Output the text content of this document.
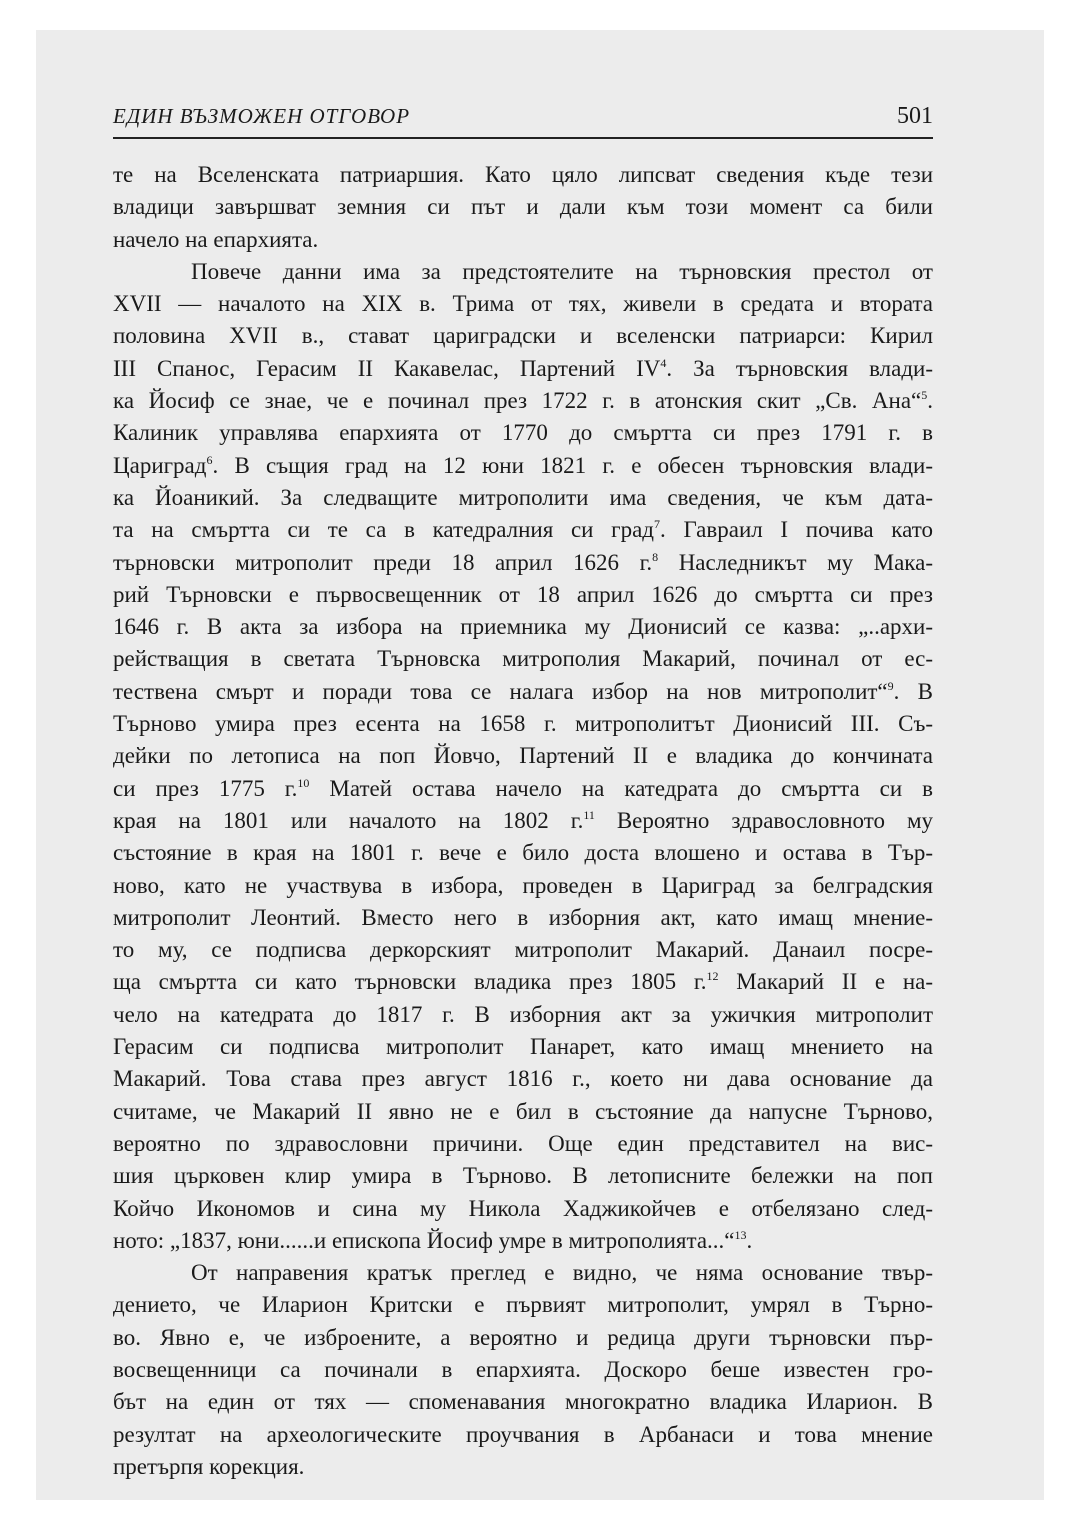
ЕДИН ВЪЗМОЖЕН ОТГОВОР	501

те на Вселенската патриаршия. Като цяло липсват сведения къде тези
владици завършват земния си път и дали към този момент са били
начело на епархията.

Повече данни има за предстоятелите на търновския престол от
XVII — началото на XIX в. Трима от тях, живели в средата и втората
половина XVII в., стават цариградски и вселенски патриарси: Кирил
III Спанос, Герасим II Какавелас, Партений $IV^4$. За търновския влади-
ка Йосиф се знае, че е починал през 1722 г. в атонския скит „Св. Ана“$^5$.
Калиник управлява епархията от 1770 до смъртта си през 1791 г. в
Цариград$^6$. В същия град на 12 юни 1821 г. е обесен търновския влади-
ка Йоаникий. За следващите митрополити има сведения, че към дата-
та на смъртта си те са в катедралния си град$^7$. Гавраил I почива като
търновски митрополит преди 18 април 1626 г.$^8$ Наследникът му Мака-
рий Търновски е първосвещенник от 18 април 1626 до смъртта си през
1646 г. В акта за избора на приемника му Дионисий се казва: „..архи-
рействащия в светата Търновска митрополия Макарий, починал от ес-
тествена смърт и поради това се налага избор на нов митрополит“$^9$. В
Търново умира през есента на 1658 г. митрополитът Дионисий III. Съ-
дейки по летописа на поп Йовчо, Партений II е владика до кончината
си през 1775 г.$^{10}$ Матей остава начело на катедрата до смъртта си в
края на 1801 или началото на 1802 г.$^{11}$ Вероятно здравословното му
състояние в края на 1801 г. вече е било доста влошено и остава в Тър-
ново, като не участвува в избора, проведен в Цариград за белградския
митрополит Леонтий. Вместо него в изборния акт, като имащ мнение-
то му, се подписва деркорският митрополит Макарий. Данаил посре-
ща смъртта си като търновски владика през 1805 г.$^{12}$ Макарий II е на-
чело на катедрата до 1817 г. В изборния акт за ужичкия митрополит
Герасим си подписва митрополит Панарет, като имащ мнението на
Макарий. Това става през август 1816 г., което ни дава основание да
считаме, че Макарий II явно не е бил в състояние да напусне Търново,
вероятно по здравословни причини. Още един представител на вис-
шия църковен клир умира в Търново. В летописните бележки на поп
Койчо Икономов и сина му Никола Хаджикойчев е отбелязано след-
ното: „1837, юни......и епископа Йосиф умре в митрополията...“$^{13}$.

От направения кратък преглед е видно, че няма основание твър-
дението, че Иларион Критски е първият митрополит, умрял в Търно-
во. Явно е, че изброените, а вероятно и редица други търновски пър-
восвещенници са починали в епархията. Доскоро беше известен гро-
бът на един от тях — споменавания многократно владика Иларион. В
резултат на археологическите проучвания в Арбанаси и това мнение
претърпя корекция.
